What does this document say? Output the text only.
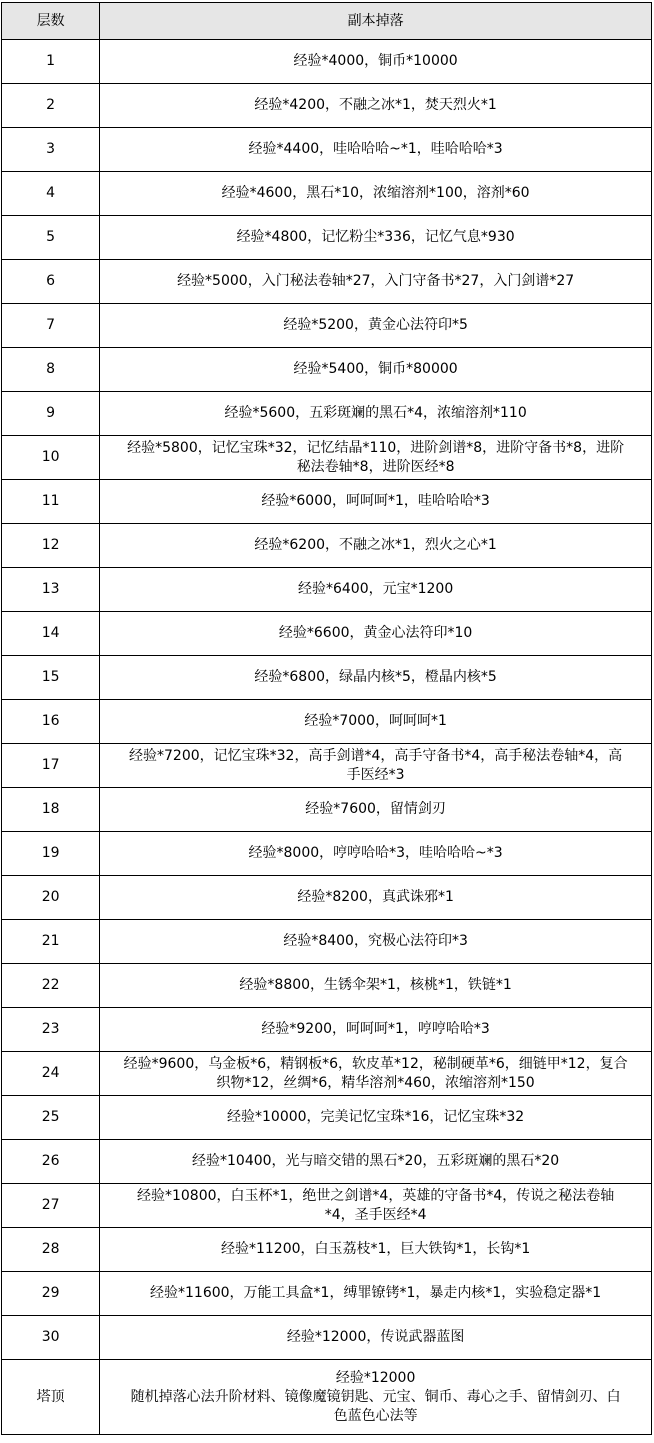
层数	副本掉落
1	经验*4000，铜币*10000

2	经验*4200，不融之冰*1，焚天烈火*1

3	经验*4400，哇哈哈哈~*1，哇哈哈哈*3

4	经验*4600，黑石*10，浓缩溶剂*100，溶剂*60

5	经验*4800，记忆粉尘*336，记忆气息*930

6	经验*5000，入门秘法卷轴*27，入门守备书*27，入门剑谱*27

7	经验*5200，黄金心法符印*5

8	经验*5400，铜币*80000

9	经验*5600，五彩斑斓的黑石*4，浓缩溶剂*110

10	经验*5800，记忆宝珠*32，记忆结晶*110，进阶剑谱*8，进阶守备书*8，进阶
秘法卷轴*8，进阶医经*8

11	经验*6000，呵呵呵*1，哇哈哈哈*3

12	经验*6200，不融之冰*1，烈火之心*1

13	经验*6400，元宝*1200

14	经验*6600，黄金心法符印*10

15	经验*6800，绿晶内核*5，橙晶内核*5

16	经验*7000，呵呵呵*1

17	经验*7200，记忆宝珠*32，高手剑谱*4，高手守备书*4，高手秘法卷轴*4，高
手医经*3

18	经验*7600，留情剑刃

19	经验*8000，哼哼哈哈*3，哇哈哈哈~*3

20	经验*8200，真武诛邪*1

21	经验*8400，究极心法符印*3

22	经验*8800，生锈伞架*1，核桃*1，铁链*1

23	经验*9200，呵呵呵*1，哼哼哈哈*3

24	经验*9600，乌金板*6，精钢板*6，软皮革*12，秘制硬革*6，细链甲*12，复合
织物*12，丝绸*6，精华溶剂*460，浓缩溶剂*150

25	经验*10000，完美记忆宝珠*16，记忆宝珠*32

26	经验*10400，光与暗交错的黑石*20，五彩斑斓的黑石*20

27	经验*10800，白玉杯*1，绝世之剑谱*4，英雄的守备书*4，传说之秘法卷轴
*4，圣手医经*4

28	经验*11200，白玉荔枝*1，巨大铁钩*1，长钩*1

29	经验*11600，万能工具盒*1，缚罪镣铐*1，暴走内核*1，实验稳定器*1

30	经验*12000，传说武器蓝图

塔顶	经验*12000
随机掉落心法升阶材料、镜像魔镜钥匙、元宝、铜币、毒心之手、留情剑刃、白
色蓝色心法等
